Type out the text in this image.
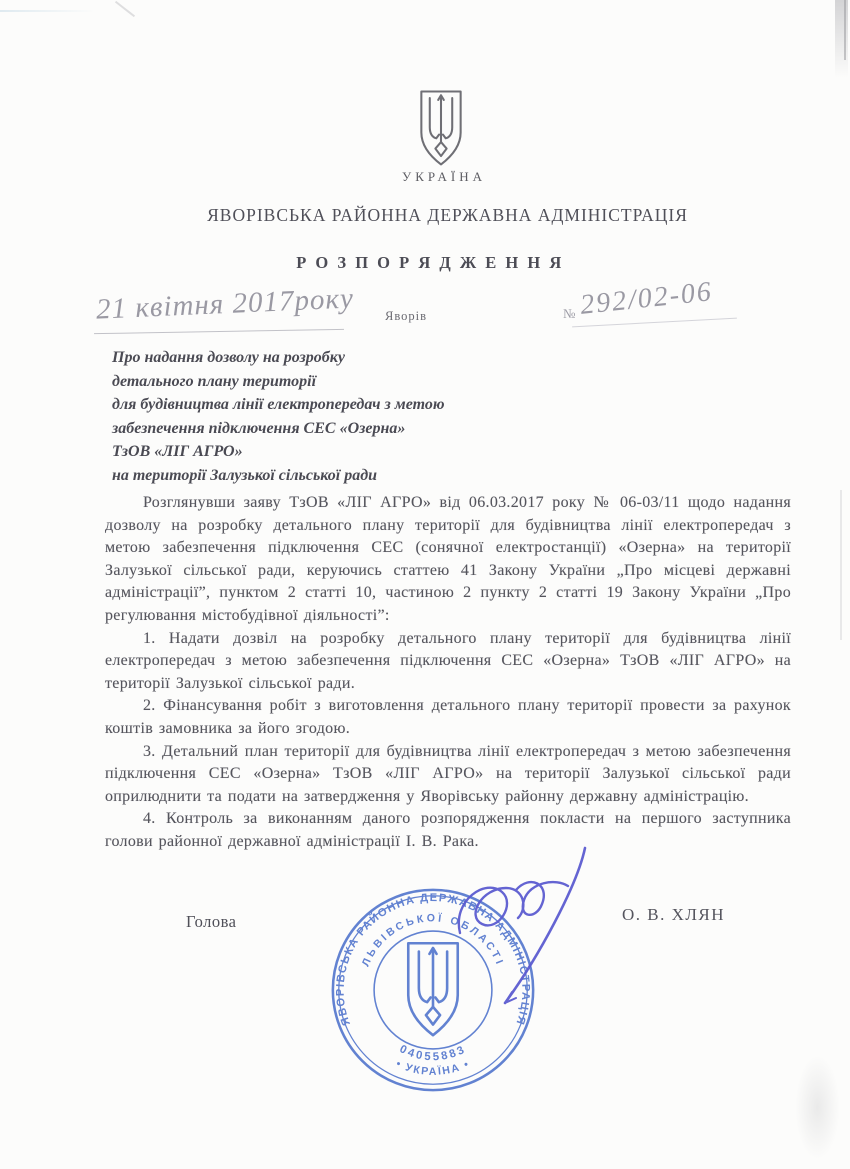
УКРАЇНА
ЯВОРІВСЬКА РАЙОННА ДЕРЖАВНА АДМІНІСТРАЦІЯ
Р О З П О Р Я Д Ж Е Н Н Я
21 квітня 2017року Яворів	№ 292/02-06
Про надання дозволу на розробку
детального плану території
для будівництва лінії електропередач з метою
забезпечення підключення СЕС «Озерна»
ТзОВ «ЛІГ АГРО»
на території Залузької сільської ради

Розглянувши заяву ТзОВ «ЛІГ АГРО» від 06.03.2017 року № 06-03/11 щодо надання дозволу на розробку детального плану території для будівництва лінії електропередач з метою забезпечення підключення СЕС (сонячної електростанції) «Озерна» на території Залузької сільської ради, керуючись статтею 41 Закону України „Про місцеві державні адміністрації”, пунктом 2 статті 10, частиною 2 пункту 2 статті 19 Закону України „Про регулювання містобудівної діяльності”:

1. Надати дозвіл на розробку детального плану території для будівництва лінії електропередач з метою забезпечення підключення СЕС «Озерна» ТзОВ «ЛІГ АГРО» на території Залузької сільської ради.

2. Фінансування робіт з виготовлення детального плану території провести за рахунок коштів замовника за його згодою.

3. Детальний план території для будівництва лінії електропередач з метою забезпечення підключення СЕС «Озерна» ТзОВ «ЛІГ АГРО» на території Залузької сільської ради оприлюднити та подати на затвердження у Яворівську районну державну адміністрацію.

4. Контроль за виконанням даного розпорядження покласти на першого заступника голови районної державної адміністрації І. В. Рака.

Голова	О. В. ХЛЯН
ЯВОРІВСЬКА РАЙОННА ДЕРЖАВНА АДМІНІСТРАЦІЯ
ЛЬВІВСЬКОЇ ОБЛАСТІ
04055883
• УКРАЇНА •
